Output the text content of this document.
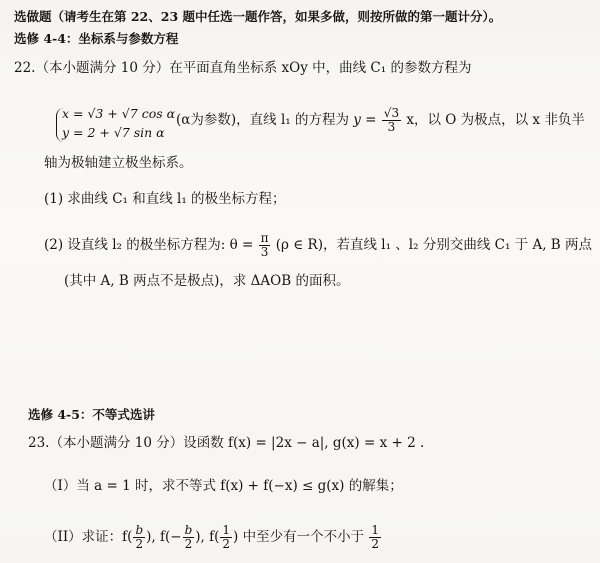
选做题（请考生在第 22、23 题中任选一题作答，如果多做，则按所做的第一题计分）。
选修 4-4：坐标系与参数方程
22.（本小题满分 10 分）在平面直角坐标系 xOy 中，曲线 C₁ 的参数方程为
x = √3 + √7 cos α
y = 2 + √7 sin α
(α为参数)，直线 l₁ 的方程为 $y = \frac{√3}{3}$ x，以 O 为极点，以 x 非负半
轴为极轴建立极坐标系。
(1) 求曲线 C₁ 和直线 l₁ 的极坐标方程；
(2) 设直线 l₂ 的极坐标方程为: $\theta = \frac{\pi}{3} (\rho$ ∈ R)，若直线 l₁ 、l₂ 分别交曲线 C₁ 于 A, B 两点
(其中 A, B 两点不是极点)，求 ΔAOB 的面积。
选修 4-5：不等式选讲
23.（本小题满分 10 分）设函数 f(x) = |2x − a|, g(x) = x + 2 .
（I）当 a = 1 时，求不等式 f(x) + f(−x) ≤ g(x) 的解集；
（II）求证：$f( \frac{b}{2}$ ), $f(- \frac{b}{2}$ ), $f( \frac{1}{2}$ ) 中至少有一个不小于 $\frac{1}{2}$
